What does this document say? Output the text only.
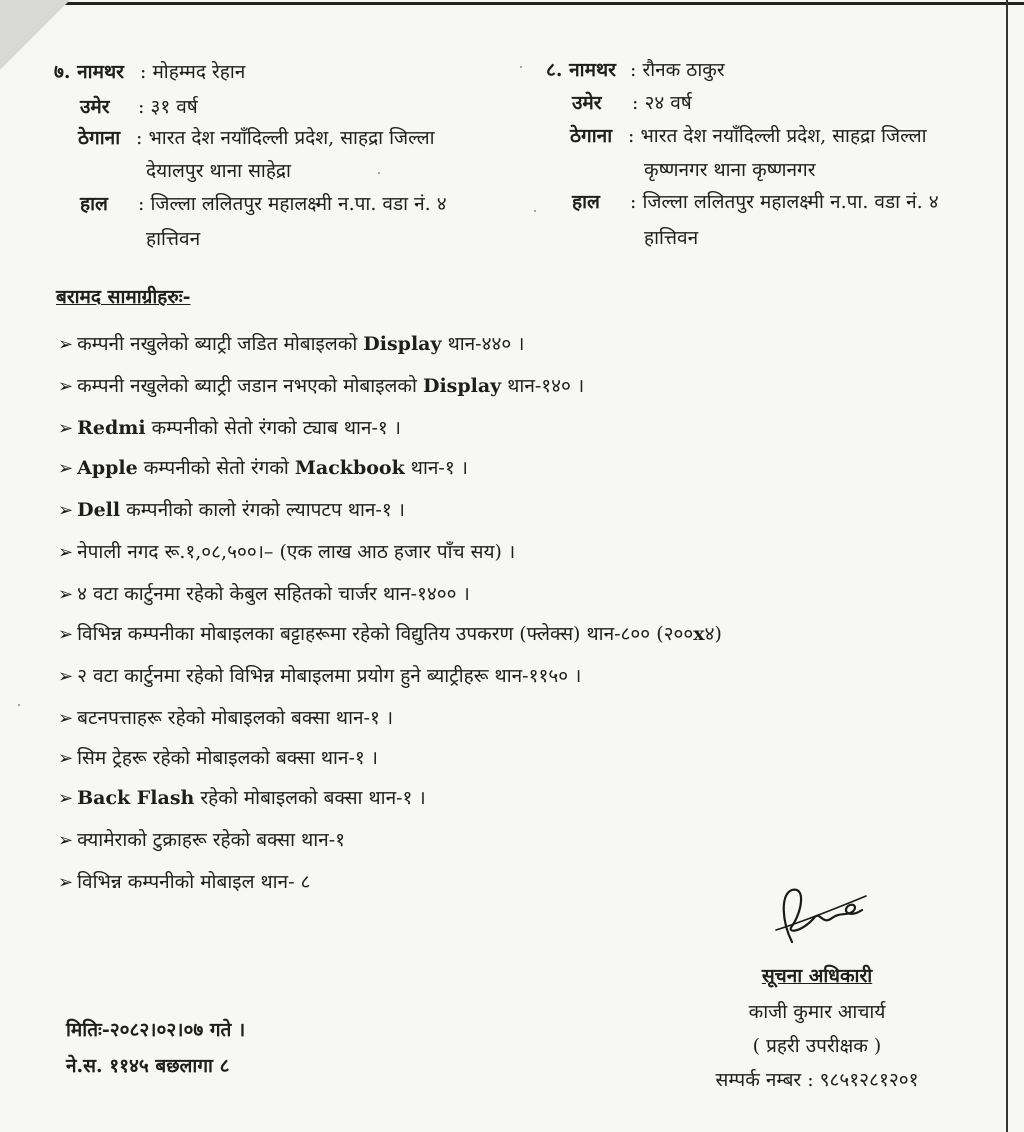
७. नामथर : मोहम्मद रेहान
उमेर : ३१ वर्ष
ठेगाना : भारत देश नयाँदिल्ली प्रदेश, साहद्रा जिल्ला
देयालपुर थाना साहेद्रा
हाल : जिल्ला ललितपुर महालक्ष्मी न.पा. वडा नं. ४
हात्तिवन
८. नामथर : रौनक ठाकुर
उमेर : २४ वर्ष
ठेगाना : भारत देश नयाँदिल्ली प्रदेश, साहद्रा जिल्ला
कृष्णनगर थाना कृष्णनगर
हाल : जिल्ला ललितपुर महालक्ष्मी न.पा. वडा नं. ४
हात्तिवन
बरामद सामाग्रीहरुः-
➢ कम्पनी नखुलेको ब्याट्री जडित मोबाइलको Display थान-४४० ।
➢ कम्पनी नखुलेको ब्याट्री जडान नभएको मोबाइलको Display थान-१४० ।
➢ Redmi कम्पनीको सेतो रंगको ट्याब थान-१ ।
➢ Apple कम्पनीको सेतो रंगको Mackbook थान-१ ।
➢ Dell कम्पनीको कालो रंगको ल्यापटप थान-१ ।
➢ नेपाली नगद रू.१,०८,५००।– (एक लाख आठ हजार पाँच सय) ।
➢ ४ वटा कार्टुनमा रहेको केबुल सहितको चार्जर थान-१४०० ।
➢ विभिन्न कम्पनीका मोबाइलका बट्टाहरूमा रहेको विद्युतिय उपकरण (फ्लेक्स) थान-८०० (२००x४)
➢ २ वटा कार्टुनमा रहेको विभिन्न मोबाइलमा प्रयोग हुने ब्याट्रीहरू थान-११५० ।
➢ बटनपत्ताहरू रहेको मोबाइलको बक्सा थान-१ ।
➢ सिम ट्रेहरू रहेको मोबाइलको बक्सा थान-१ ।
➢ Back Flash रहेको मोबाइलको बक्सा थान-१ ।
➢ क्यामेराको टुक्राहरू रहेको बक्सा थान-१
➢ विभिन्न कम्पनीको मोबाइल थान- ८
सूचना अधिकारी
काजी कुमार आचार्य
( प्रहरी उपरीक्षक )
सम्पर्क नम्बर : ९८५१२८१२०१
मितिः-२०८२।०२।०७ गते ।
ने.स. ११४५ बछलागा ८
